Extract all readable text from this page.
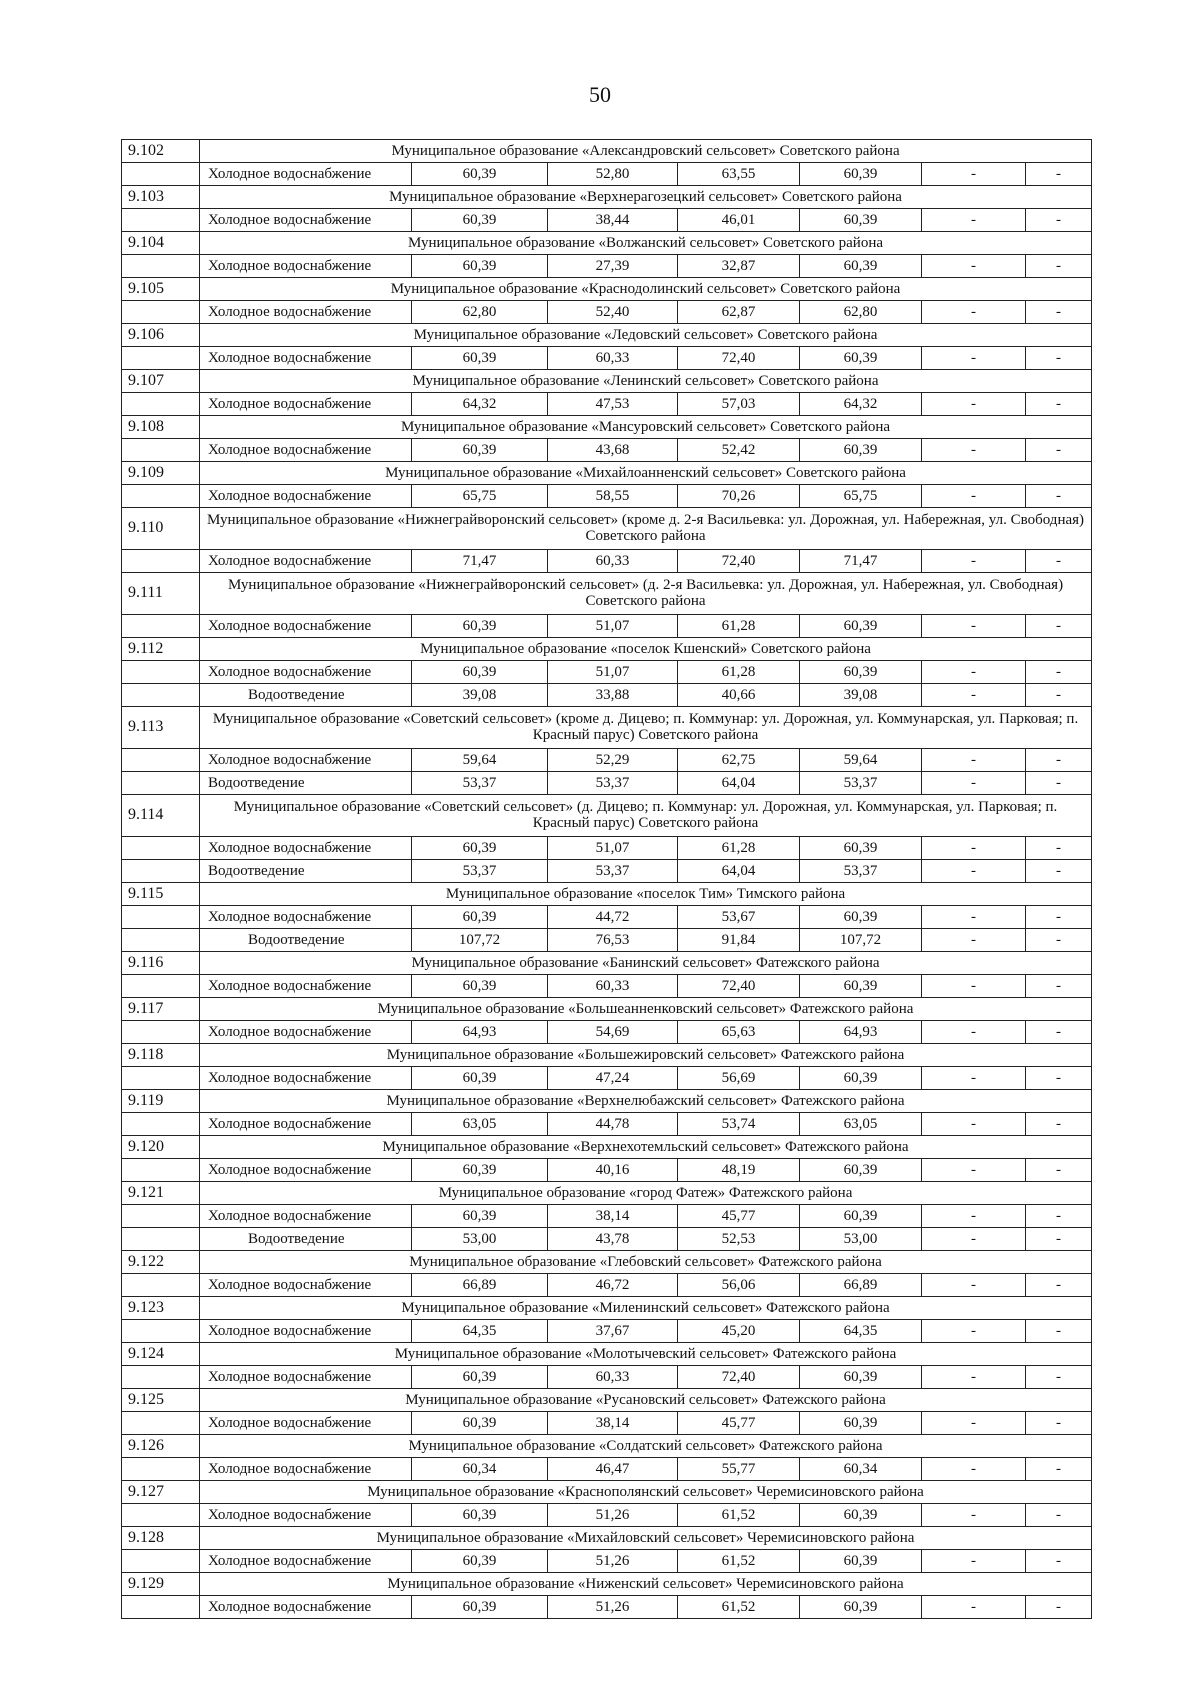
50
9.102	Муниципальное образование «Александровский сельсовет» Советского района						
	Холодное водоснабжение	60,39	52,80	63,55	60,39	-	-
9.103	Муниципальное образование «Верхнерагозецкий сельсовет» Советского района						
	Холодное водоснабжение	60,39	38,44	46,01	60,39	-	-
9.104	Муниципальное образование «Волжанский сельсовет» Советского района						
	Холодное водоснабжение	60,39	27,39	32,87	60,39	-	-
9.105	Муниципальное образование «Краснодолинский сельсовет» Советского района						
	Холодное водоснабжение	62,80	52,40	62,87	62,80	-	-
9.106	Муниципальное образование «Ледовский сельсовет» Советского района						
	Холодное водоснабжение	60,39	60,33	72,40	60,39	-	-
9.107	Муниципальное образование «Ленинский сельсовет» Советского района						
	Холодное водоснабжение	64,32	47,53	57,03	64,32	-	-
9.108	Муниципальное образование «Мансуровский сельсовет» Советского района						
	Холодное водоснабжение	60,39	43,68	52,42	60,39	-	-
9.109	Муниципальное образование «Михайлоанненский сельсовет» Советского района						
	Холодное водоснабжение	65,75	58,55	70,26	65,75	-	-
9.110	Муниципальное образование «Нижнеграйворонский сельсовет» (кроме д. 2-я Васильевка: ул. Дорожная, ул. Набережная, ул. Свободная) Советского района						
	Холодное водоснабжение	71,47	60,33	72,40	71,47	-	-
9.111	Муниципальное образование «Нижнеграйворонский сельсовет» (д. 2-я Васильевка: ул. Дорожная, ул. Набережная, ул. Свободная) Советского района						
	Холодное водоснабжение	60,39	51,07	61,28	60,39	-	-
9.112	Муниципальное образование «поселок Кшенский» Советского района						
	Холодное водоснабжение	60,39	51,07	61,28	60,39	-	-
	Водоотведение	39,08	33,88	40,66	39,08	-	-
9.113	Муниципальное образование «Советский сельсовет» (кроме д. Дицево; п. Коммунар: ул. Дорожная, ул. Коммунарская, ул. Парковая; п. Красный парус) Советского района						
	Холодное водоснабжение	59,64	52,29	62,75	59,64	-	-
	Водоотведение	53,37	53,37	64,04	53,37	-	-
9.114	Муниципальное образование «Советский сельсовет» (д. Дицево; п. Коммунар: ул. Дорожная, ул. Коммунарская, ул. Парковая; п. Красный парус) Советского района						
	Холодное водоснабжение	60,39	51,07	61,28	60,39	-	-
	Водоотведение	53,37	53,37	64,04	53,37	-	-
9.115	Муниципальное образование «поселок Тим» Тимского района						
	Холодное водоснабжение	60,39	44,72	53,67	60,39	-	-
	Водоотведение	107,72	76,53	91,84	107,72	-	-
9.116	Муниципальное образование «Банинский сельсовет» Фатежского района						
	Холодное водоснабжение	60,39	60,33	72,40	60,39	-	-
9.117	Муниципальное образование «Большеанненковский сельсовет» Фатежского района						
	Холодное водоснабжение	64,93	54,69	65,63	64,93	-	-
9.118	Муниципальное образование «Большежировский сельсовет» Фатежского района						
	Холодное водоснабжение	60,39	47,24	56,69	60,39	-	-
9.119	Муниципальное образование «Верхнелюбажский сельсовет» Фатежского района						
	Холодное водоснабжение	63,05	44,78	53,74	63,05	-	-
9.120	Муниципальное образование «Верхнехотемльский сельсовет» Фатежского района						
	Холодное водоснабжение	60,39	40,16	48,19	60,39	-	-
9.121	Муниципальное образование «город Фатеж» Фатежского района						
	Холодное водоснабжение	60,39	38,14	45,77	60,39	-	-
	Водоотведение	53,00	43,78	52,53	53,00	-	-
9.122	Муниципальное образование «Глебовский сельсовет» Фатежского района						
	Холодное водоснабжение	66,89	46,72	56,06	66,89	-	-
9.123	Муниципальное образование «Миленинский сельсовет» Фатежского района						
	Холодное водоснабжение	64,35	37,67	45,20	64,35	-	-
9.124	Муниципальное образование «Молотычевский сельсовет» Фатежского района						
	Холодное водоснабжение	60,39	60,33	72,40	60,39	-	-
9.125	Муниципальное образование «Русановский сельсовет» Фатежского района						
	Холодное водоснабжение	60,39	38,14	45,77	60,39	-	-
9.126	Муниципальное образование «Солдатский сельсовет» Фатежского района						
	Холодное водоснабжение	60,34	46,47	55,77	60,34	-	-
9.127	Муниципальное образование «Краснополянский сельсовет» Черемисиновского района						
	Холодное водоснабжение	60,39	51,26	61,52	60,39	-	-
9.128	Муниципальное образование «Михайловский сельсовет» Черемисиновского района						
	Холодное водоснабжение	60,39	51,26	61,52	60,39	-	-
9.129	Муниципальное образование «Ниженский сельсовет» Черемисиновского района						
	Холодное водоснабжение	60,39	51,26	61,52	60,39	-	-
